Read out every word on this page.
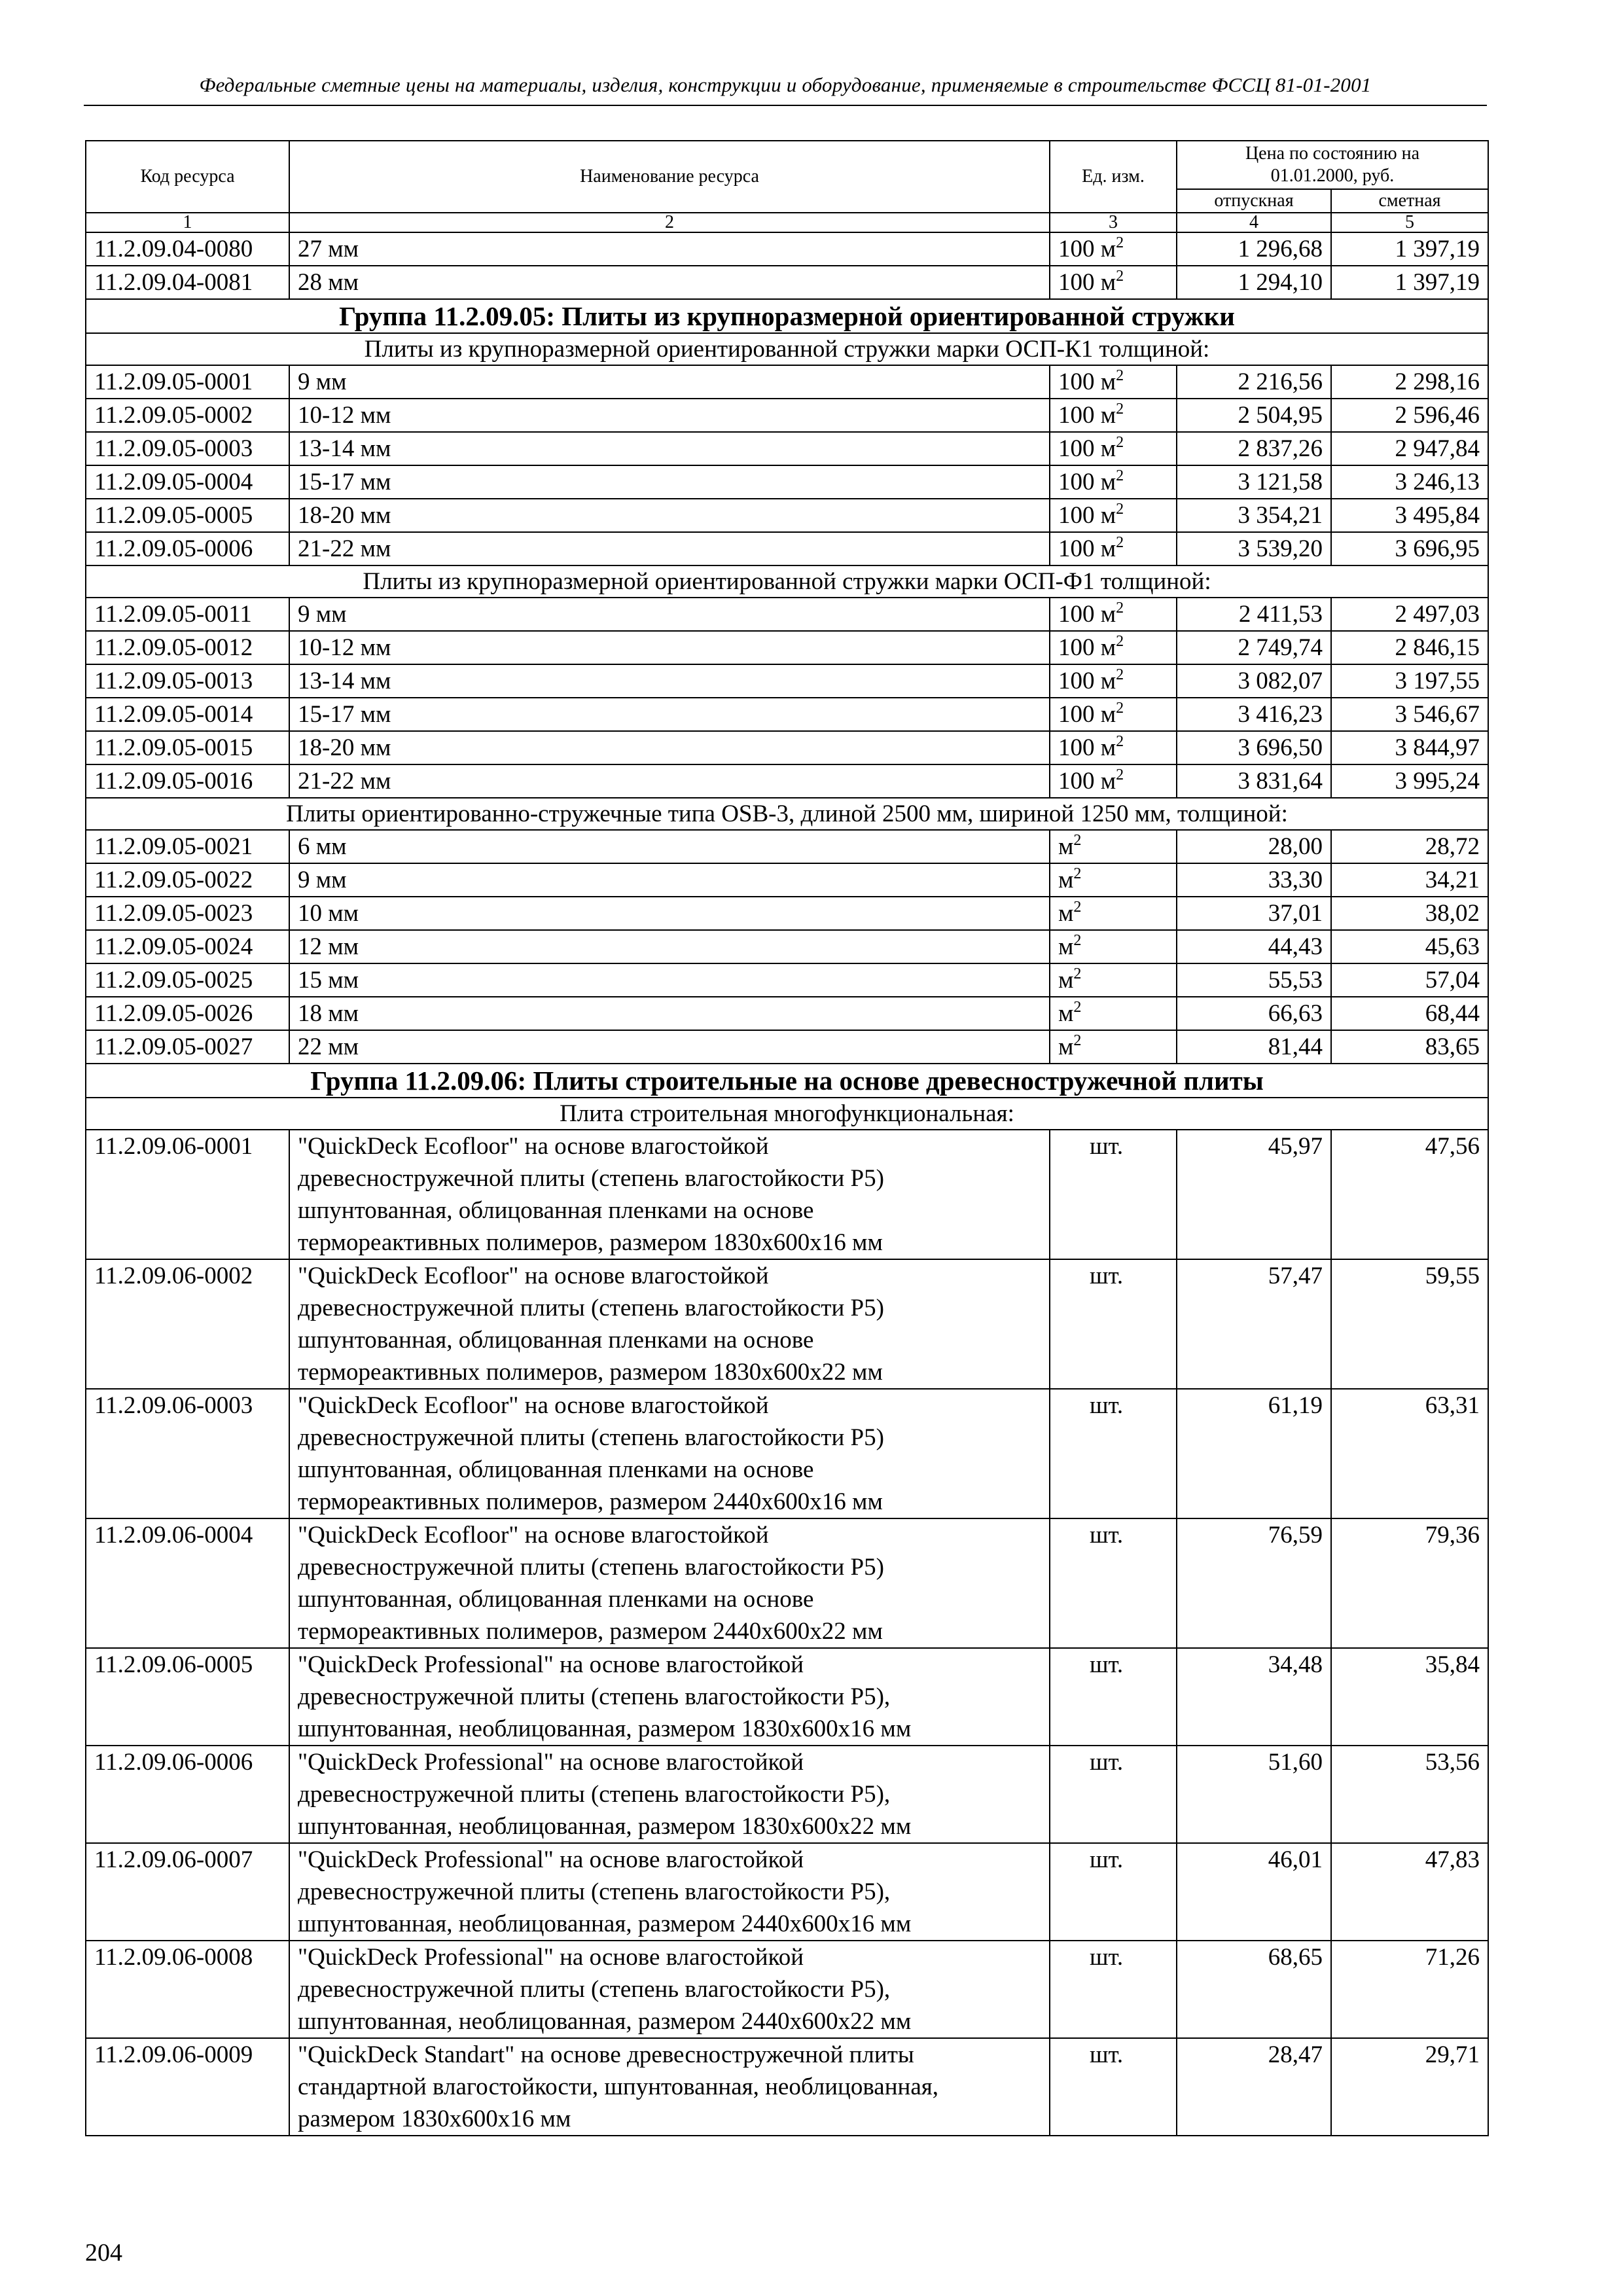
Федеральные сметные цены на материалы, изделия, конструкции и оборудование, применяемые в строительстве ФССЦ 81-01-2001
Код ресурса	Наименование ресурса	Ед. изм.	Цена по состоянию на 01.01.2000, руб.	
			отпускная	сметная
1	2	3	4	5
11.2.09.04-0080	27 мм	100 $м^2$	1 296,68	1 397,19
11.2.09.04-0081	28 мм	100 $м^2$	1 294,10	1 397,19
Группа 11.2.09.05: Плиты из крупноразмерной ориентированной стружки				
Плиты из крупноразмерной ориентированной стружки марки ОСП-К1 толщиной:				
11.2.09.05-0001	9 мм	100 $м^2$	2 216,56	2 298,16
11.2.09.05-0002	10-12 мм	100 $м^2$	2 504,95	2 596,46
11.2.09.05-0003	13-14 мм	100 $м^2$	2 837,26	2 947,84
11.2.09.05-0004	15-17 мм	100 $м^2$	3 121,58	3 246,13
11.2.09.05-0005	18-20 мм	100 $м^2$	3 354,21	3 495,84
11.2.09.05-0006	21-22 мм	100 $м^2$	3 539,20	3 696,95
Плиты из крупноразмерной ориентированной стружки марки ОСП-Ф1 толщиной:				
11.2.09.05-0011	9 мм	100 $м^2$	2 411,53	2 497,03
11.2.09.05-0012	10-12 мм	100 $м^2$	2 749,74	2 846,15
11.2.09.05-0013	13-14 мм	100 $м^2$	3 082,07	3 197,55
11.2.09.05-0014	15-17 мм	100 $м^2$	3 416,23	3 546,67
11.2.09.05-0015	18-20 мм	100 $м^2$	3 696,50	3 844,97
11.2.09.05-0016	21-22 мм	100 $м^2$	3 831,64	3 995,24
Плиты ориентированно-стружечные типа OSB-3, длиной 2500 мм, шириной 1250 мм, толщиной:				
11.2.09.05-0021	6 мм	$м^2$	28,00	28,72
11.2.09.05-0022	9 мм	$м^2$	33,30	34,21
11.2.09.05-0023	10 мм	$м^2$	37,01	38,02
11.2.09.05-0024	12 мм	$м^2$	44,43	45,63
11.2.09.05-0025	15 мм	$м^2$	55,53	57,04
11.2.09.05-0026	18 мм	$м^2$	66,63	68,44
11.2.09.05-0027	22 мм	$м^2$	81,44	83,65
Группа 11.2.09.06: Плиты строительные на основе древесностружечной плиты				
Плита строительная многофункциональная:				
11.2.09.06-0001	"QuickDeck Ecofloor" на основе влагостойкой
древесностружечной плиты (степень влагостойкости Р5)
шпунтованная, облицованная пленками на основе
термореактивных полимеров, размером 1830х600х16 мм	шт.	45,97	47,56
11.2.09.06-0002	"QuickDeck Ecofloor" на основе влагостойкой
древесностружечной плиты (степень влагостойкости Р5)
шпунтованная, облицованная пленками на основе
термореактивных полимеров, размером 1830х600х22 мм	шт.	57,47	59,55
11.2.09.06-0003	"QuickDeck Ecofloor" на основе влагостойкой
древесностружечной плиты (степень влагостойкости Р5)
шпунтованная, облицованная пленками на основе
термореактивных полимеров, размером 2440х600х16 мм	шт.	61,19	63,31
11.2.09.06-0004	"QuickDeck Ecofloor" на основе влагостойкой
древесностружечной плиты (степень влагостойкости Р5)
шпунтованная, облицованная пленками на основе
термореактивных полимеров, размером 2440х600х22 мм	шт.	76,59	79,36
11.2.09.06-0005	"QuickDeck Professional" на основе влагостойкой
древесностружечной плиты (степень влагостойкости Р5),
шпунтованная, необлицованная, размером 1830х600х16 мм	шт.	34,48	35,84
11.2.09.06-0006	"QuickDeck Professional" на основе влагостойкой
древесностружечной плиты (степень влагостойкости Р5),
шпунтованная, необлицованная, размером 1830х600х22 мм	шт.	51,60	53,56
11.2.09.06-0007	"QuickDeck Professional" на основе влагостойкой
древесностружечной плиты (степень влагостойкости Р5),
шпунтованная, необлицованная, размером 2440х600х16 мм	шт.	46,01	47,83
11.2.09.06-0008	"QuickDeck Professional" на основе влагостойкой
древесностружечной плиты (степень влагостойкости Р5),
шпунтованная, необлицованная, размером 2440х600х22 мм	шт.	68,65	71,26
11.2.09.06-0009	"QuickDeck Standart" на основе древесностружечной плиты
стандартной влагостойкости, шпунтованная, необлицованная,
размером 1830х600х16 мм	шт.	28,47	29,71
204
